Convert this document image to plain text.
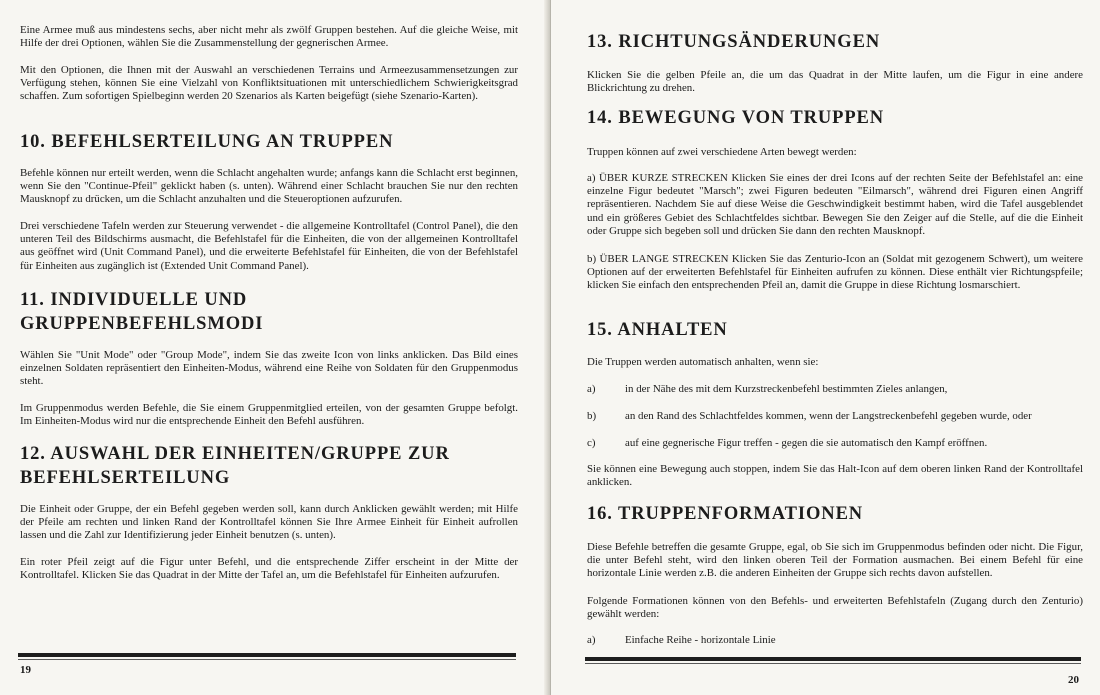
Eine Armee muß aus mindestens sechs, aber nicht mehr als zwölf Gruppen bestehen. Auf die gleiche Weise, mit Hilfe der drei Optionen, wählen Sie die Zusammenstellung der gegnerischen Armee.

Mit den Optionen, die Ihnen mit der Auswahl an verschiedenen Terrains und Armeezusammensetzungen zur Verfügung stehen, können Sie eine Vielzahl von Konfliktsituationen mit unterschiedlichem Schwierigkeitsgrad schaffen. Zum sofortigen Spielbeginn werden 20 Szenarios als Karten beigefügt (siehe Szenario-Karten).

10. BEFEHLSERTEILUNG AN TRUPPEN

Befehle können nur erteilt werden, wenn die Schlacht angehalten wurde; anfangs kann die Schlacht erst beginnen, wenn Sie den "Continue-Pfeil" geklickt haben (s. unten). Während einer Schlacht brauchen Sie nur den rechten Mausknopf zu drücken, um die Schlacht anzuhalten und die Steueroptionen aufzurufen.

Drei verschiedene Tafeln werden zur Steuerung verwendet - die allgemeine Kontrolltafel (Control Panel), die den unteren Teil des Bildschirms ausmacht, die Befehlstafel für die Einheiten, die von der allgemeinen Kontrolltafel aus geöffnet wird (Unit Command Panel), und die erweiterte Befehlstafel für Einheiten, die von der Befehlstafel für Einheiten aus zugänglich ist (Extended Unit Command Panel).

11. INDIVIDUELLE UND
GRUPPENBEFEHLSMODI

Wählen Sie "Unit Mode" oder "Group Mode", indem Sie das zweite Icon von links anklicken. Das Bild eines einzelnen Soldaten repräsentiert den Einheiten-Modus, während eine Reihe von Soldaten für den Gruppenmodus steht.

Im Gruppenmodus werden Befehle, die Sie einem Gruppenmitglied erteilen, von der gesamten Gruppe befolgt. Im Einheiten-Modus wird nur die entsprechende Einheit den Befehl ausführen.

12. AUSWAHL DER EINHEITEN/GRUPPE ZUR
BEFEHLSERTEILUNG

Die Einheit oder Gruppe, der ein Befehl gegeben werden soll, kann durch Anklicken gewählt werden; mit Hilfe der Pfeile am rechten und linken Rand der Kontrolltafel können Sie Ihre Armee Einheit für Einheit aufrollen lassen und die Zahl zur Identifizierung jeder Einheit benutzen (s. unten).

Ein roter Pfeil zeigt auf die Figur unter Befehl, und die entsprechende Ziffer erscheint in der Mitte der Kontrolltafel. Klicken Sie das Quadrat in der Mitte der Tafel an, um die Befehlstafel für Einheiten aufzurufen.

19
13. RICHTUNGSÄNDERUNGEN

Klicken Sie die gelben Pfeile an, die um das Quadrat in der Mitte laufen, um die Figur in eine andere Blickrichtung zu drehen.

14. BEWEGUNG VON TRUPPEN

Truppen können auf zwei verschiedene Arten bewegt werden:

a) ÜBER KURZE STRECKEN Klicken Sie eines der drei Icons auf der rechten Seite der Befehlstafel an: eine einzelne Figur bedeutet "Marsch"; zwei Figuren bedeuten "Eilmarsch", während drei Figuren einen Angriff repräsentieren. Nachdem Sie auf diese Weise die Geschwindigkeit bestimmt haben, wird die Tafel ausgeblendet und ein größeres Gebiet des Schlachtfeldes sichtbar. Bewegen Sie den Zeiger auf die Stelle, auf die die Einheit oder Gruppe sich begeben soll und drücken Sie dann den rechten Mausknopf.

b) ÜBER LANGE STRECKEN Klicken Sie das Zenturio-Icon an (Soldat mit gezogenem Schwert), um weitere Optionen auf der erweiterten Befehlstafel für Einheiten aufrufen zu können. Diese enthält vier Richtungspfeile; klicken Sie einfach den entsprechenden Pfeil an, damit die Gruppe in diese Richtung losmarschiert.

15. ANHALTEN

Die Truppen werden automatisch anhalten, wenn sie:

a)	in der Nähe des mit dem Kurzstreckenbefehl bestimmten Zieles anlangen,
b)	an den Rand des Schlachtfeldes kommen, wenn der Langstreckenbefehl gegeben wurde, oder
c)	auf eine gegnerische Figur treffen - gegen die sie automatisch den Kampf eröffnen.

Sie können eine Bewegung auch stoppen, indem Sie das Halt-Icon auf dem oberen linken Rand der Kontrolltafel anklicken.

16. TRUPPENFORMATIONEN

Diese Befehle betreffen die gesamte Gruppe, egal, ob Sie sich im Gruppenmodus befinden oder nicht. Die Figur, die unter Befehl steht, wird den linken oberen Teil der Formation ausmachen. Bei einem Befehl für eine horizontale Linie werden z.B. die anderen Einheiten der Gruppe sich rechts davon aufstellen.

Folgende Formationen können von den Befehls- und erweiterten Befehlstafeln (Zugang durch den Zenturio) gewählt werden:

a)	Einfache Reihe - horizontale Linie
20
